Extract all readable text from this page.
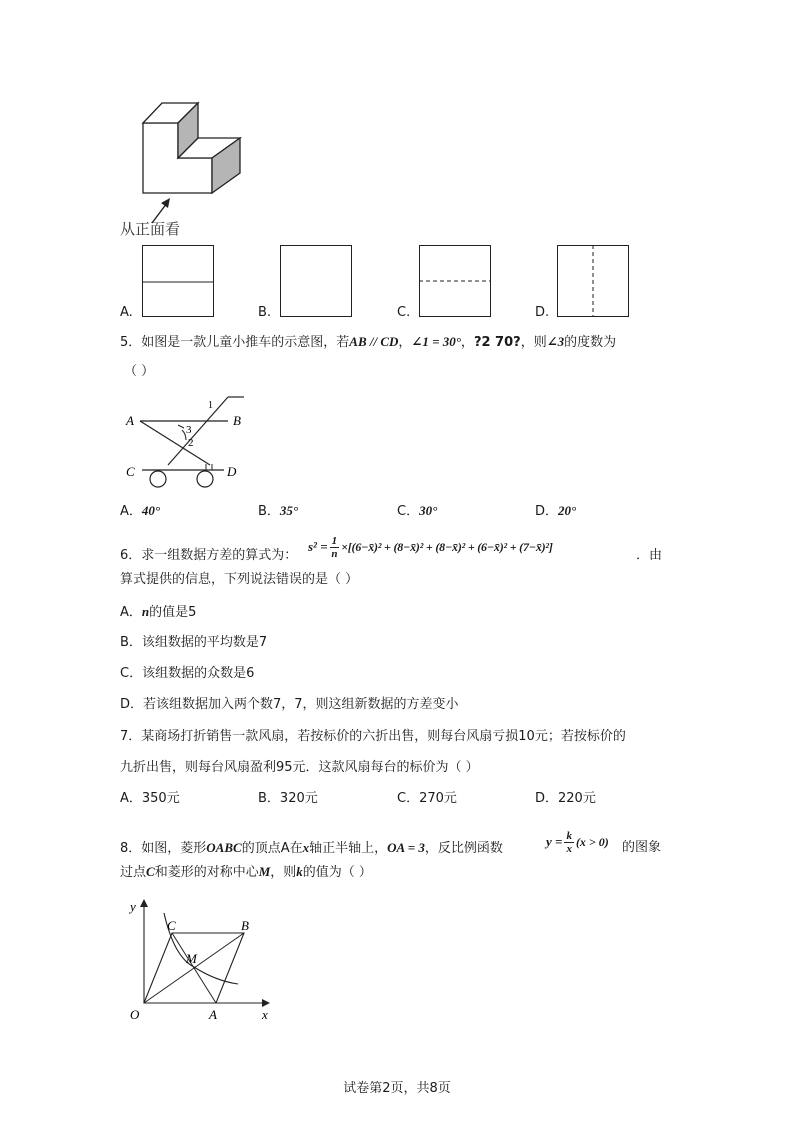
从正面看
A.	B.	C.	D.
5．如图是一款儿童小推车的示意图，若AB // CD，∠1 = 30°，?2 70?，则∠3的度数为
（ ）
A	B
C	D
1
2
3
A．40°	B．35°	C．30°	D．20°
6．求一组数据方差的算式为：
$s^2 = \frac{1}{n}$ ×[(6−x̄)² + (8−x̄)² + (8−x̄)² + (6−x̄)² + (7−x̄)²]
．由
算式提供的信息，下列说法错误的是（ ）
A．n的值是5
B．该组数据的平均数是7
C．该组数据的众数是6
D．若该组数据加入两个数7，7，则这组新数据的方差变小
7．某商场打折销售一款风扇，若按标价的六折出售，则每台风扇亏损10元；若按标价的
九折出售，则每台风扇盈利95元．这款风扇每台的标价为（ ）
A．350元	B．320元	C．270元	D．220元
8．如图，菱形OABC的顶点A在x轴正半轴上，OA = 3，反比例函数	$y = \frac{k}{x} (x > 0)$ 的图象
过点C和菱形的对称中心M，则k的值为（ ）
y
x
O	A
B
C
M
试卷第2页，共8页
